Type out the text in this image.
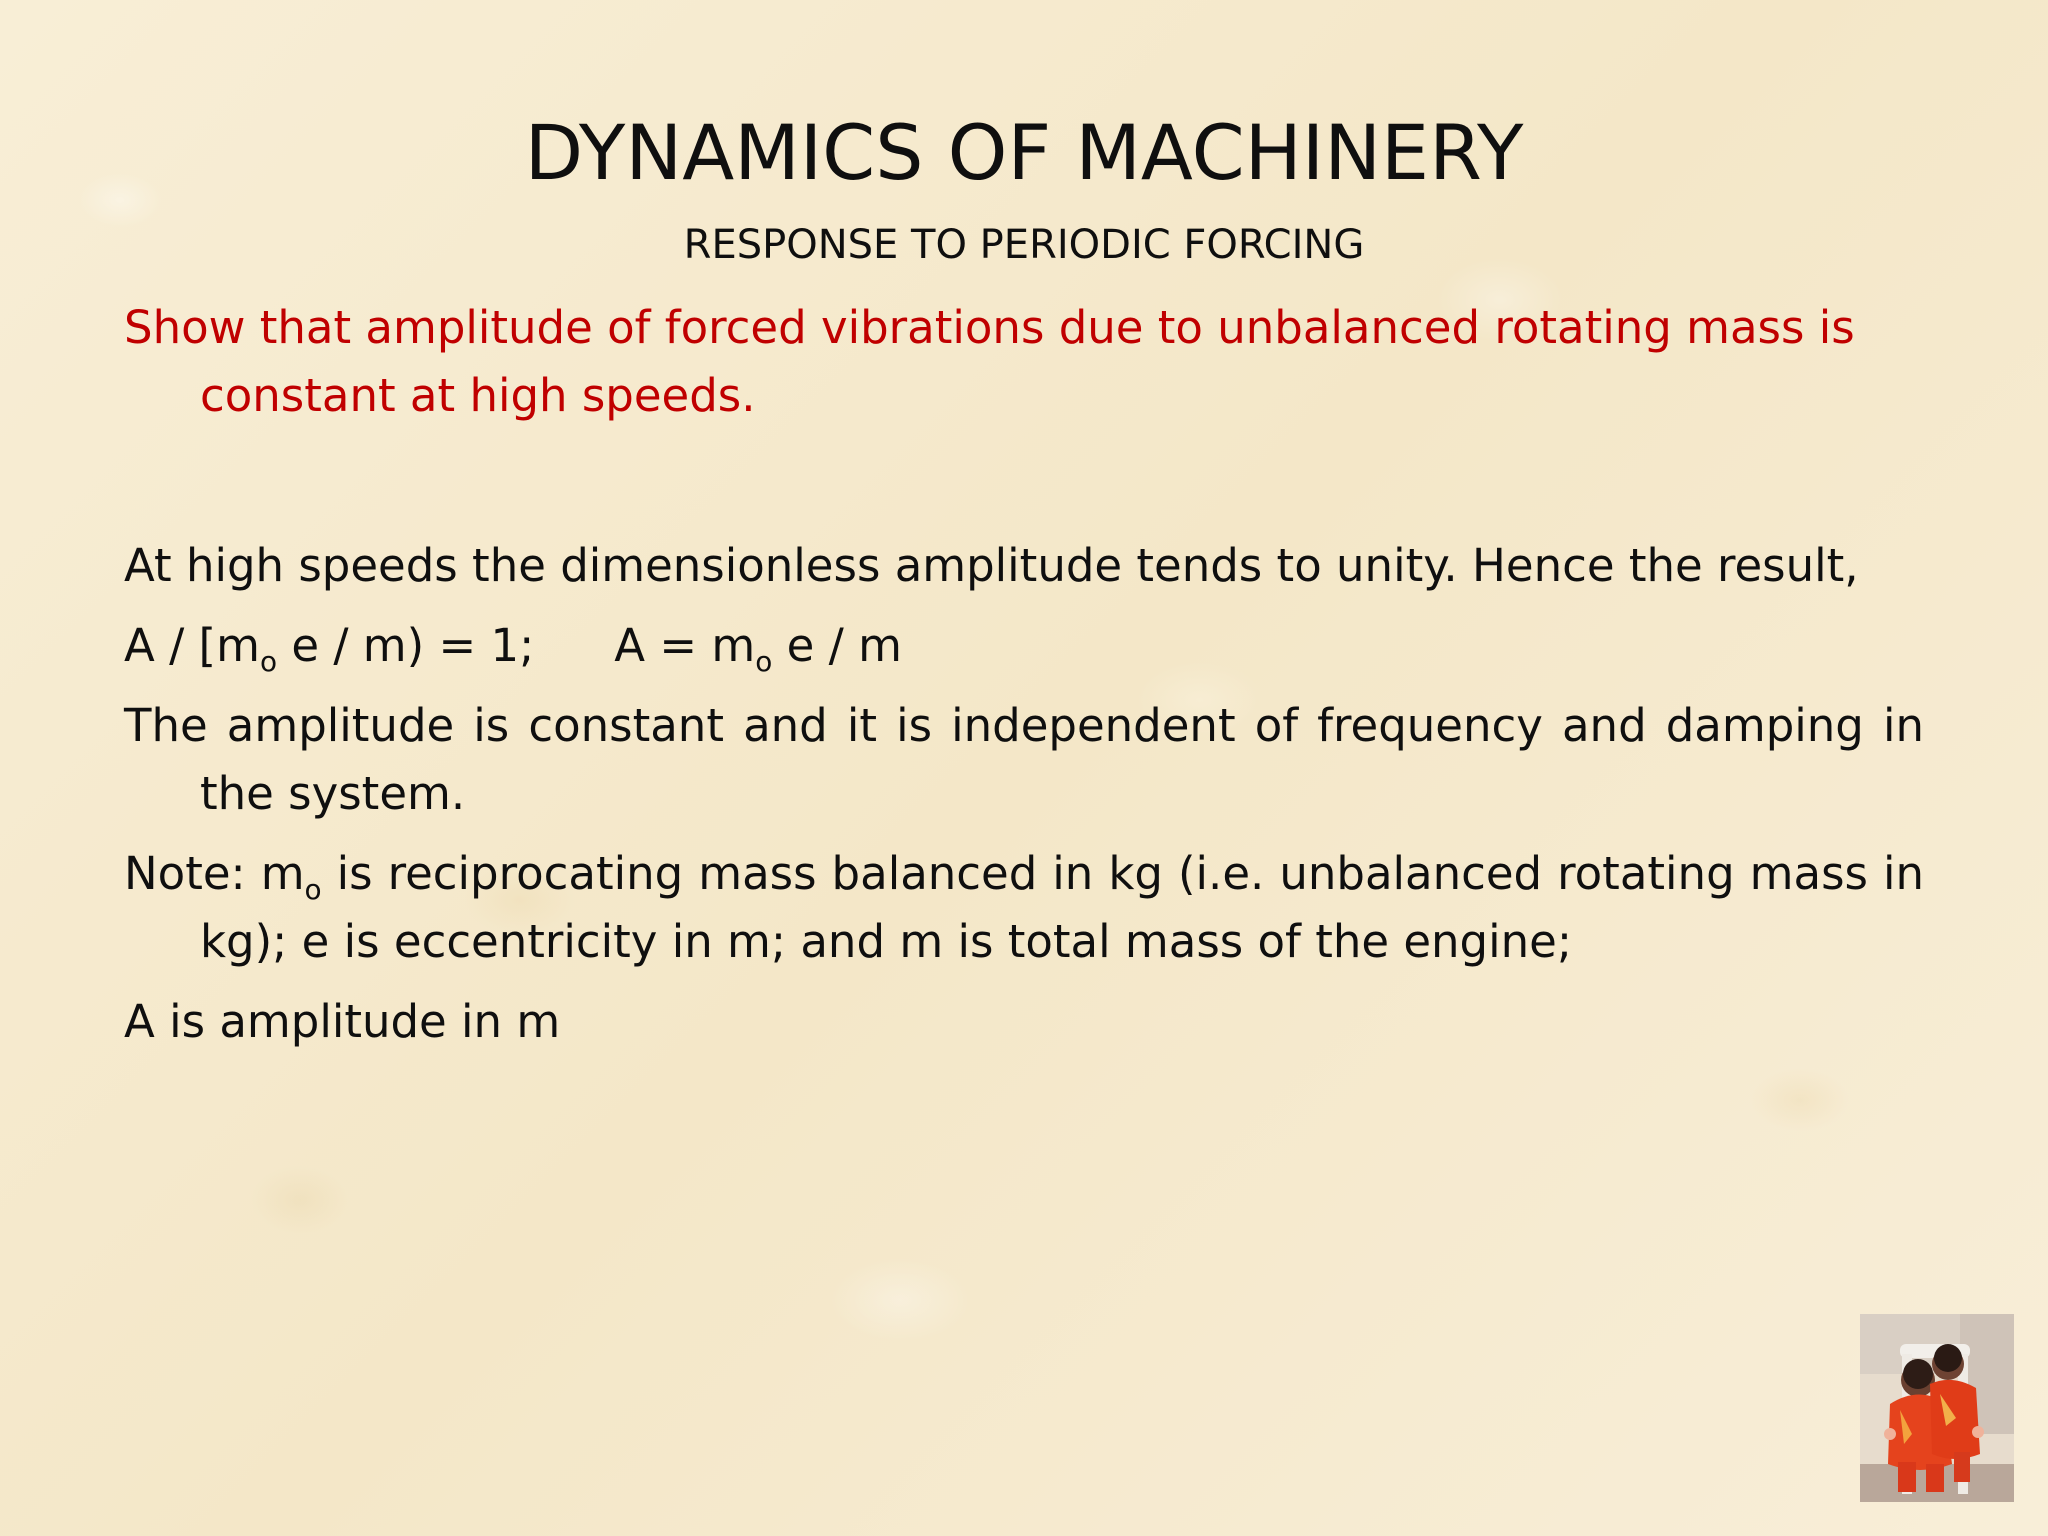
DYNAMICS OF MACHINERY
RESPONSE TO PERIODIC FORCING

Show that amplitude of forced vibrations due to unbalanced rotating mass is constant at high speeds.

At high speeds the dimensionless amplitude tends to unity. Hence the result,

A / [$m_o$ e / m) = 1; $A = m_o$ e / m

The amplitude is constant and it is independent of frequency and damping in the system.

Note: $m_o$ is reciprocating mass balanced in kg (i.e. unbalanced rotating mass in kg); e is eccentricity in m; and m is total mass of the engine;

A is amplitude in m
